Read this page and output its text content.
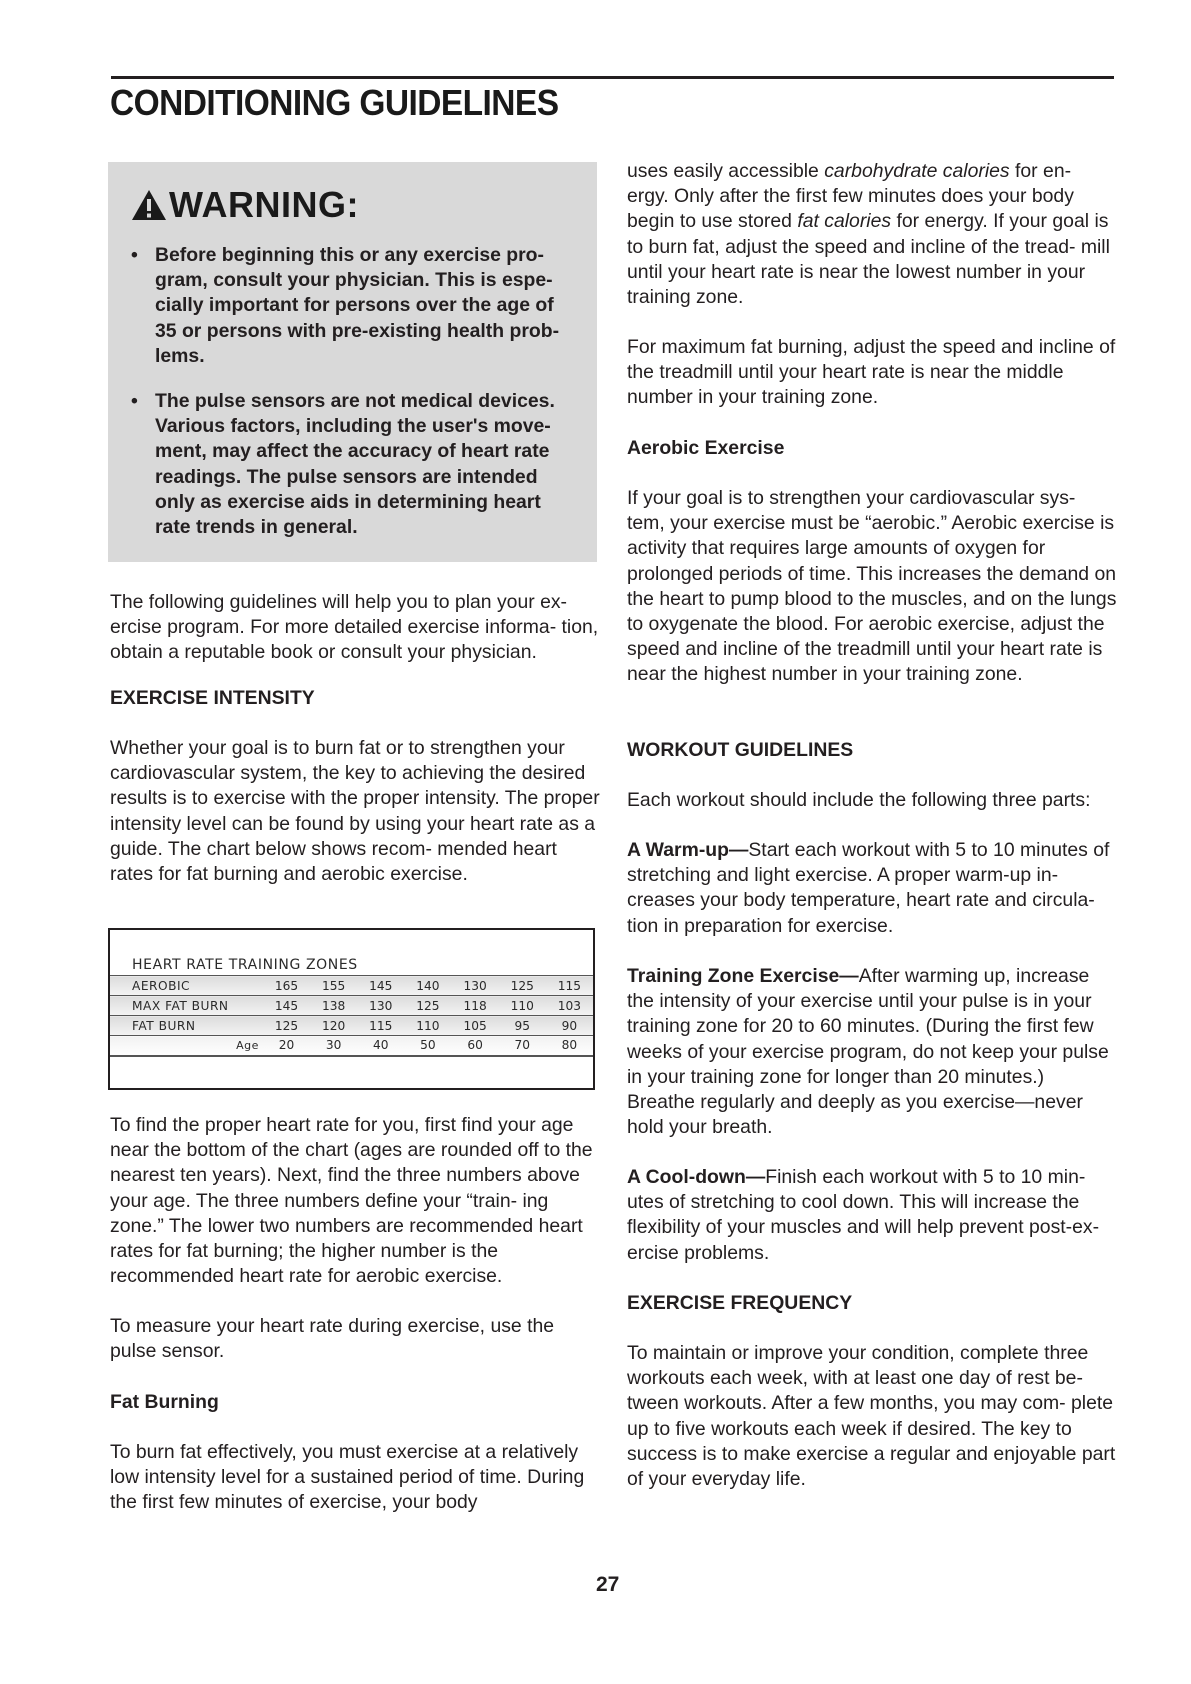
CONDITIONING GUIDELINES
WARNING:
• Before beginning this or any exercise pro- gram, consult your physician. This is espe- cially important for persons over the age of 35 or persons with pre-existing health prob- lems.
• The pulse sensors are not medical devices. Various factors, including the user's move- ment, may affect the accuracy of heart rate readings. The pulse sensors are intended only as exercise aids in determining heart rate trends in general.

The following guidelines will help you to plan your ex- ercise program. For more detailed exercise informa- tion, obtain a reputable book or consult your physician.

EXERCISE INTENSITY

Whether your goal is to burn fat or to strengthen your cardiovascular system, the key to achieving the desired results is to exercise with the proper intensity. The proper intensity level can be found by using your heart rate as a guide. The chart below shows recom- mended heart rates for fat burning and aerobic exercise.

To find the proper heart rate for you, first find your age near the bottom of the chart (ages are rounded off to the nearest ten years). Next, find the three numbers above your age. The three numbers define your “train- ing zone.” The lower two numbers are recommended heart rates for fat burning; the higher number is the recommended heart rate for aerobic exercise.

To measure your heart rate during exercise, use the pulse sensor.

Fat Burning

To burn fat effectively, you must exercise at a relatively low intensity level for a sustained period of time. During the first few minutes of exercise, your body

HEART RATE TRAINING ZONES
AEROBIC	165	155	145	140	130	125	115
MAX FAT BURN	145	138	130	125	118	110	103
FAT BURN	125	120	115	110	105	95	90
Age	20	30	40	50	60	70	80

uses easily accessible carbohydrate calories for en- ergy. Only after the first few minutes does your body begin to use stored fat calories for energy. If your goal is to burn fat, adjust the speed and incline of the tread- mill until your heart rate is near the lowest number in your training zone.

For maximum fat burning, adjust the speed and incline of the treadmill until your heart rate is near the middle number in your training zone.

Aerobic Exercise

If your goal is to strengthen your cardiovascular sys- tem, your exercise must be “aerobic.” Aerobic exercise is activity that requires large amounts of oxygen for prolonged periods of time. This increases the demand on the heart to pump blood to the muscles, and on the lungs to oxygenate the blood. For aerobic exercise, adjust the speed and incline of the treadmill until your heart rate is near the highest number in your training zone.

WORKOUT GUIDELINES

Each workout should include the following three parts:

A Warm-up—Start each workout with 5 to 10 minutes of stretching and light exercise. A proper warm-up in- creases your body temperature, heart rate and circula- tion in preparation for exercise.

Training Zone Exercise—After warming up, increase the intensity of your exercise until your pulse is in your training zone for 20 to 60 minutes. (During the first few weeks of your exercise program, do not keep your pulse in your training zone for longer than 20 minutes.) Breathe regularly and deeply as you exercise—never hold your breath.

A Cool-down—Finish each workout with 5 to 10 min- utes of stretching to cool down. This will increase the flexibility of your muscles and will help prevent post-ex- ercise problems.

EXERCISE FREQUENCY

To maintain or improve your condition, complete three workouts each week, with at least one day of rest be- tween workouts. After a few months, you may com- plete up to five workouts each week if desired. The key to success is to make exercise a regular and enjoyable part of your everyday life.

27
